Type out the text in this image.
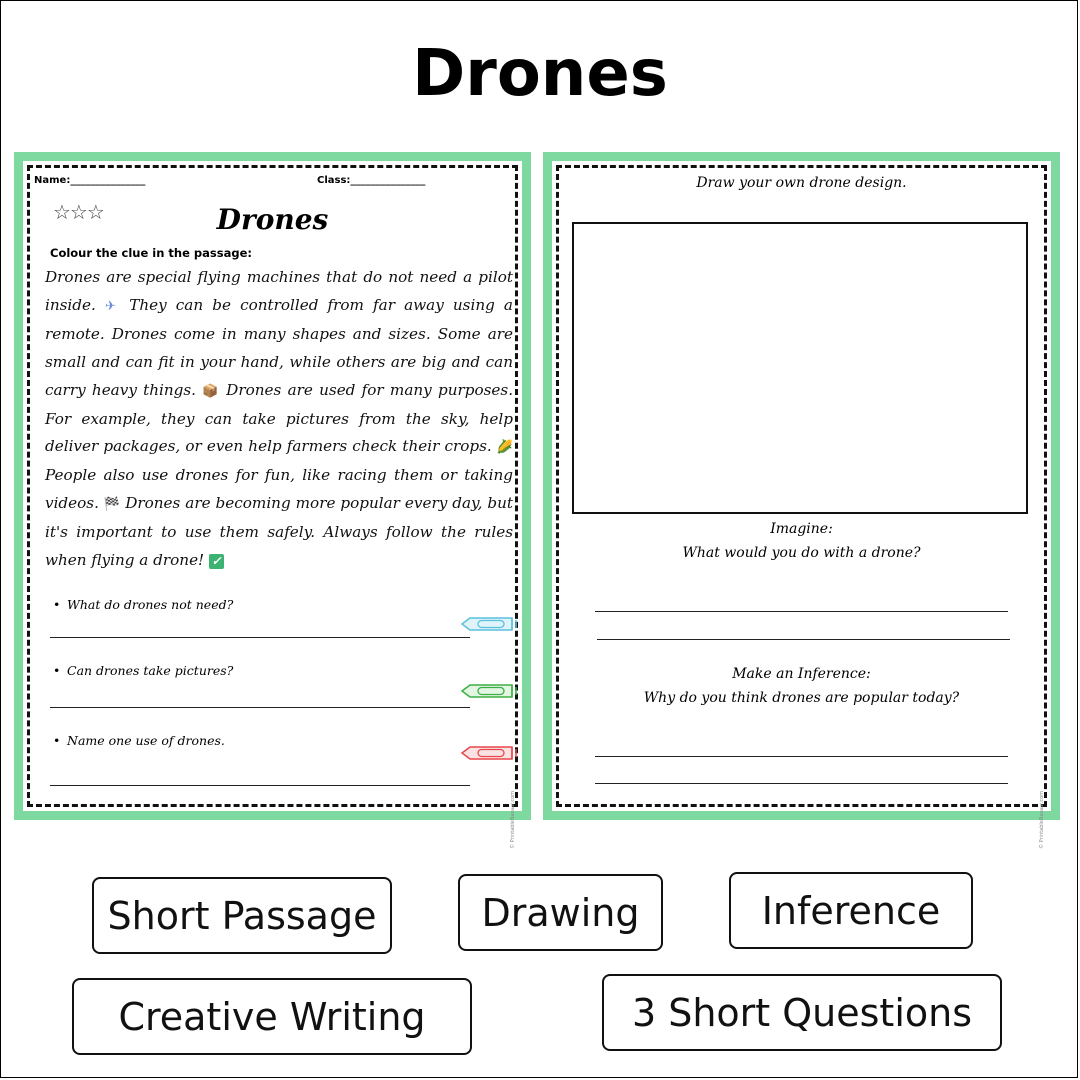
Drones
Name:_______________	Class:_______________
☆☆☆	Drones
Colour the clue in the passage:
Drones are special flying machines that do not need a pilot inside. ✈ They can be controlled from far away using a remote. Drones come in many shapes and sizes. Some are small and can fit in your hand, while others are big and can carry heavy things. 📦 Drones are used for many purposes. For example, they can take pictures from the sky, help deliver packages, or even help farmers check their crops. 🌽 People also use drones for fun, like racing them or taking videos. 🏁 Drones are becoming more popular every day, but it's important to use them safely. Always follow the rules when flying a drone! ✓
• What do drones not need?
• Can drones take pictures?
• Name one use of drones.
© PrintableBazaar.com
Draw your own drone design.
Imagine:
What would you do with a drone?
Make an Inference:
Why do you think drones are popular today?
© PrintableBazaar.com
Short Passage	Drawing	Inference
Creative Writing	3 Short Questions
